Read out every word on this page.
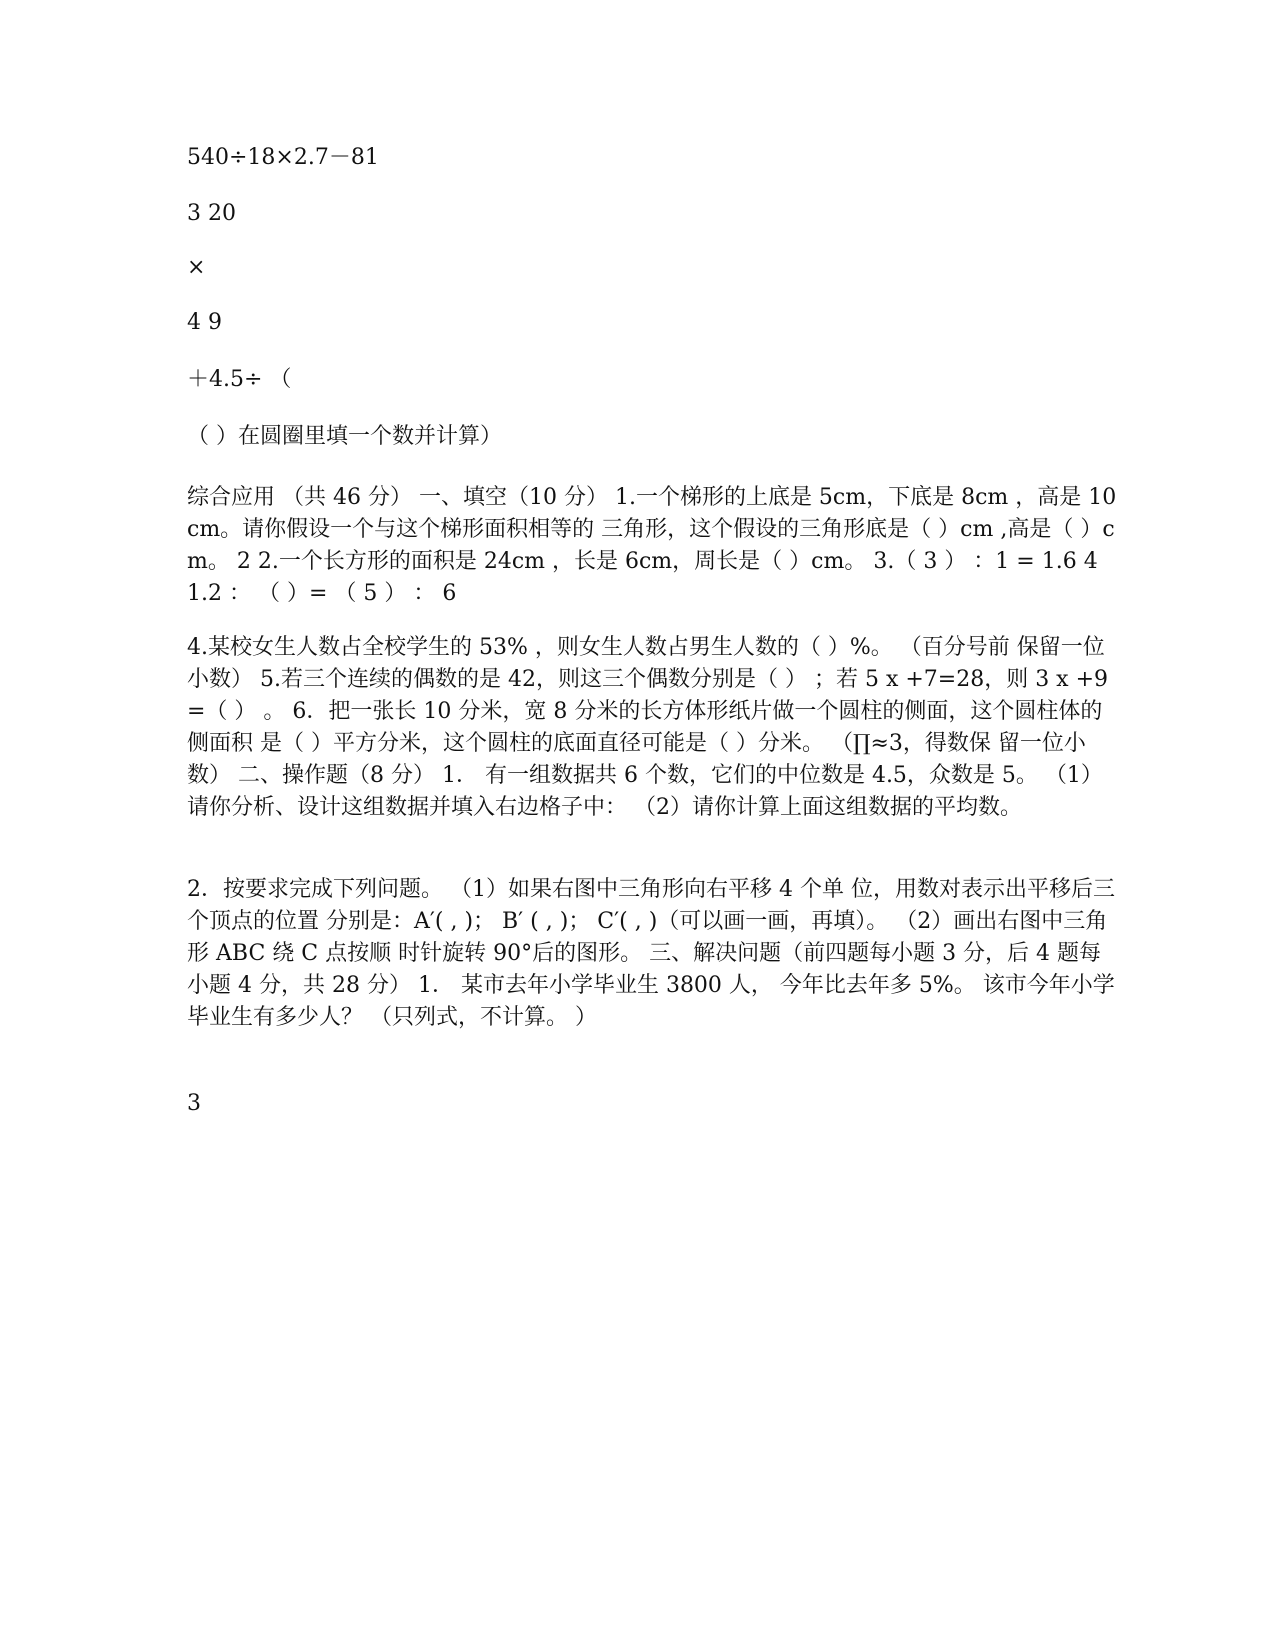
540÷18×2.7－81

3 20

×

4 9

＋4.5÷ （

（ ）在圆圈里填一个数并计算）

综合应用 （共 46 分） 一、填空（10 分） 1.一个梯形的上底是 5cm，下底是 8cm ，高是 10cm。请你假设一个与这个梯形面积相等的 三角形，这个假设的三角形底是（ ）cm ,高是（ ）cm。 2 2.一个长方形的面积是 24cm ，长是 6cm，周长是（ ）cm。 3.（ 3 ） ：1 = 1.6 4 1.2 ： （ ）= （ 5 ） ： 6

4.某校女生人数占全校学生的 53% ，则女生人数占男生人数的（ ）%。 （百分号前 保留一位小数） 5.若三个连续的偶数的是 42，则这三个偶数分别是（ ） ；若 5 x +7=28，则 3 x +9=（ ） 。 6．把一张长 10 分米，宽 8 分米的长方体形纸片做一个圆柱的侧面，这个圆柱体的侧面积 是（ ）平方分米，这个圆柱的底面直径可能是（ ）分米。 （∏≈3，得数保 留一位小数） 二、操作题（8 分） 1． 有一组数据共 6 个数，它们的中位数是 4.5，众数是 5。 （1）请你分析、设计这组数据并填入右边格子中： （2）请你计算上面这组数据的平均数。

2．按要求完成下列问题。 （1）如果右图中三角形向右平移 4 个单 位，用数对表示出平移后三个顶点的位置 分别是：A′( , )； B′ ( , )； C′( , )（可以画一画，再填）。 （2）画出右图中三角形 ABC 绕 C 点按顺 时针旋转 90°后的图形。 三、解决问题（前四题每小题 3 分，后 4 题每小题 4 分，共 28 分） 1． 某市去年小学毕业生 3800 人， 今年比去年多 5%。 该市今年小学毕业生有多少人？ （只列式，不计算。 ）

3
